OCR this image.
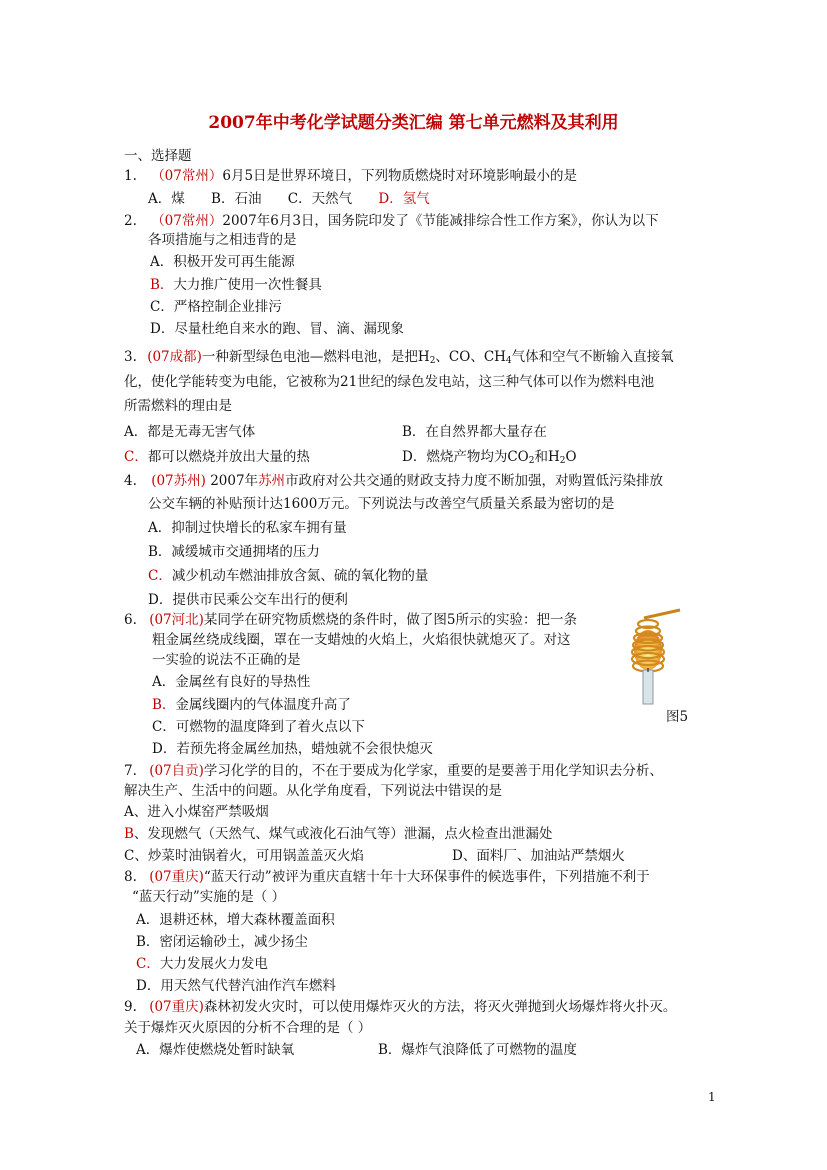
2007年中考化学试题分类汇编 第七单元燃料及其利用
一、选择题
1. （07常州）6月5日是世界环境日，下列物质燃烧时对环境影响最小的是
A．煤 B．石油 C．天然气 D．氢气
2. （07常州）2007年6月3日，国务院印发了《节能减排综合性工作方案》，你认为以下
各项措施与之相违背的是
A．积极开发可再生能源
B．大力推广使用一次性餐具
C．严格控制企业排污
D．尽量杜绝自来水的跑、冒、滴、漏现象
3. (07成都)一种新型绿色电池—燃料电池，是把$H_2$、CO、$CH_4$气体和空气不断输入直接氧
化，使化学能转变为电能，它被称为21世纪的绿色发电站，这三种气体可以作为燃料电池
所需燃料的理由是
A．都是无毒无害气体	B．在自然界都大量存在
C．都可以燃烧并放出大量的热	D．燃烧产物均为$CO_2$和$H_2O$
4. (07苏州) 2007年苏州市政府对公共交通的财政支持力度不断加强，对购置低污染排放
公交车辆的补贴预计达1600万元。下列说法与改善空气质量关系最为密切的是
A．抑制过快增长的私家车拥有量
B．减缓城市交通拥堵的压力
C．减少机动车燃油排放含氮、硫的氧化物的量
D．提供市民乘公交车出行的便利
6. (07河北)某同学在研究物质燃烧的条件时，做了图5所示的实验：把一条
粗金属丝绕成线圈，罩在一支蜡烛的火焰上，火焰很快就熄灭了。对这
一实验的说法不正确的是
A．金属丝有良好的导热性
B．金属线圈内的气体温度升高了
C．可燃物的温度降到了着火点以下
D．若预先将金属丝加热，蜡烛就不会很快熄灭
图5
7. (07自贡)学习化学的目的，不在于要成为化学家，重要的是要善于用化学知识去分析、
解决生产、生活中的问题。从化学角度看，下列说法中错误的是
A、进入小煤窑严禁吸烟
B、发现燃气（天然气、煤气或液化石油气等）泄漏，点火检查出泄漏处
C、炒菜时油锅着火，可用锅盖盖灭火焰	D、面料厂、加油站严禁烟火
8. (07重庆)“蓝天行动”被评为重庆直辖十年十大环保事件的候选事件，下列措施不利于
“蓝天行动”实施的是（ ）
A．退耕还林，增大森林覆盖面积
B．密闭运输砂土，减少扬尘
C．大力发展火力发电
D．用天然气代替汽油作汽车燃料
9. (07重庆)森林初发火灾时，可以使用爆炸灭火的方法，将灭火弹抛到火场爆炸将火扑灭。
关于爆炸灭火原因的分析不合理的是（ ）
A．爆炸使燃烧处暂时缺氧	B．爆炸气浪降低了可燃物的温度
1
